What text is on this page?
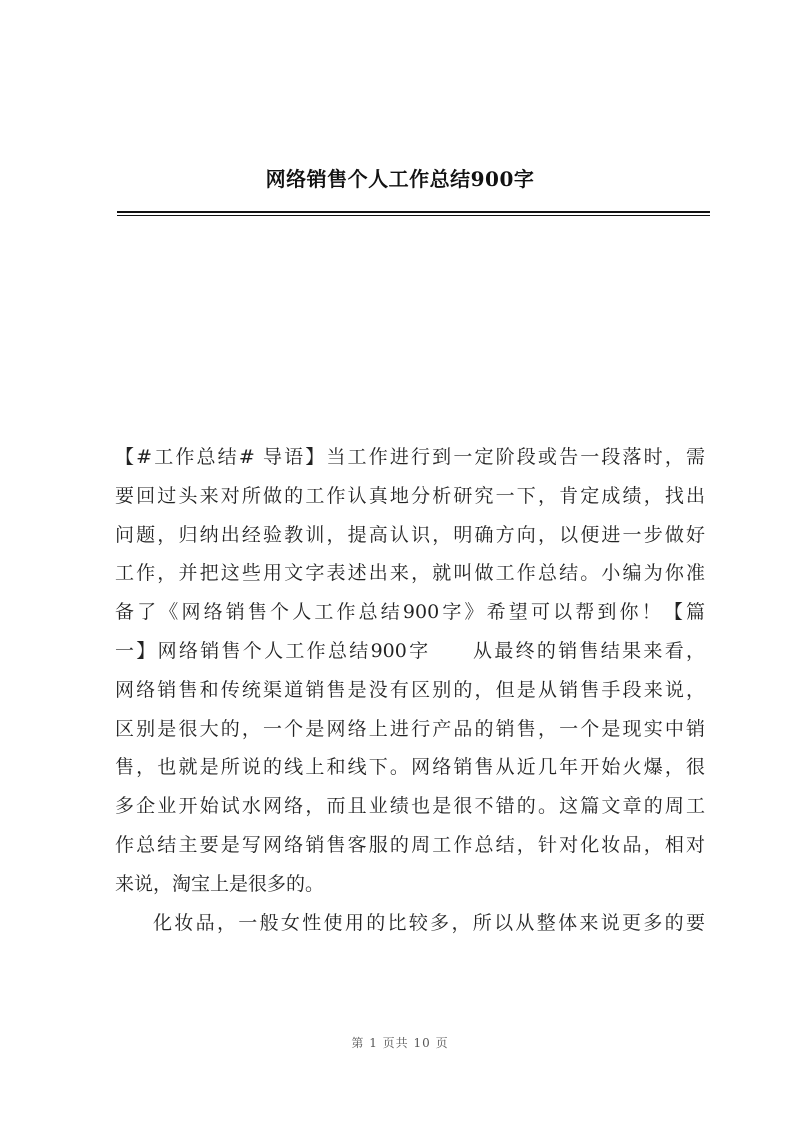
网络销售个人工作总结900字
【#工作总结# 导语】当工作进行到一定阶段或告一段落时，需
要回过头来对所做的工作认真地分析研究一下，肯定成绩，找出
问题，归纳出经验教训，提高认识，明确方向，以便进一步做好
工作，并把这些用文字表述出来，就叫做工作总结。小编为你准
备了《网络销售个人工作总结900字》希望可以帮到你！【篇
一】网络销售个人工作总结900字　　从最终的销售结果来看，
网络销售和传统渠道销售是没有区别的，但是从销售手段来说，
区别是很大的，一个是网络上进行产品的销售，一个是现实中销
售，也就是所说的线上和线下。网络销售从近几年开始火爆，很
多企业开始试水网络，而且业绩也是很不错的。这篇文章的周工
作总结主要是写网络销售客服的周工作总结，针对化妆品，相对
来说，淘宝上是很多的。
化妆品，一般女性使用的比较多，所以从整体来说更多的要
第 1 页共 10 页
